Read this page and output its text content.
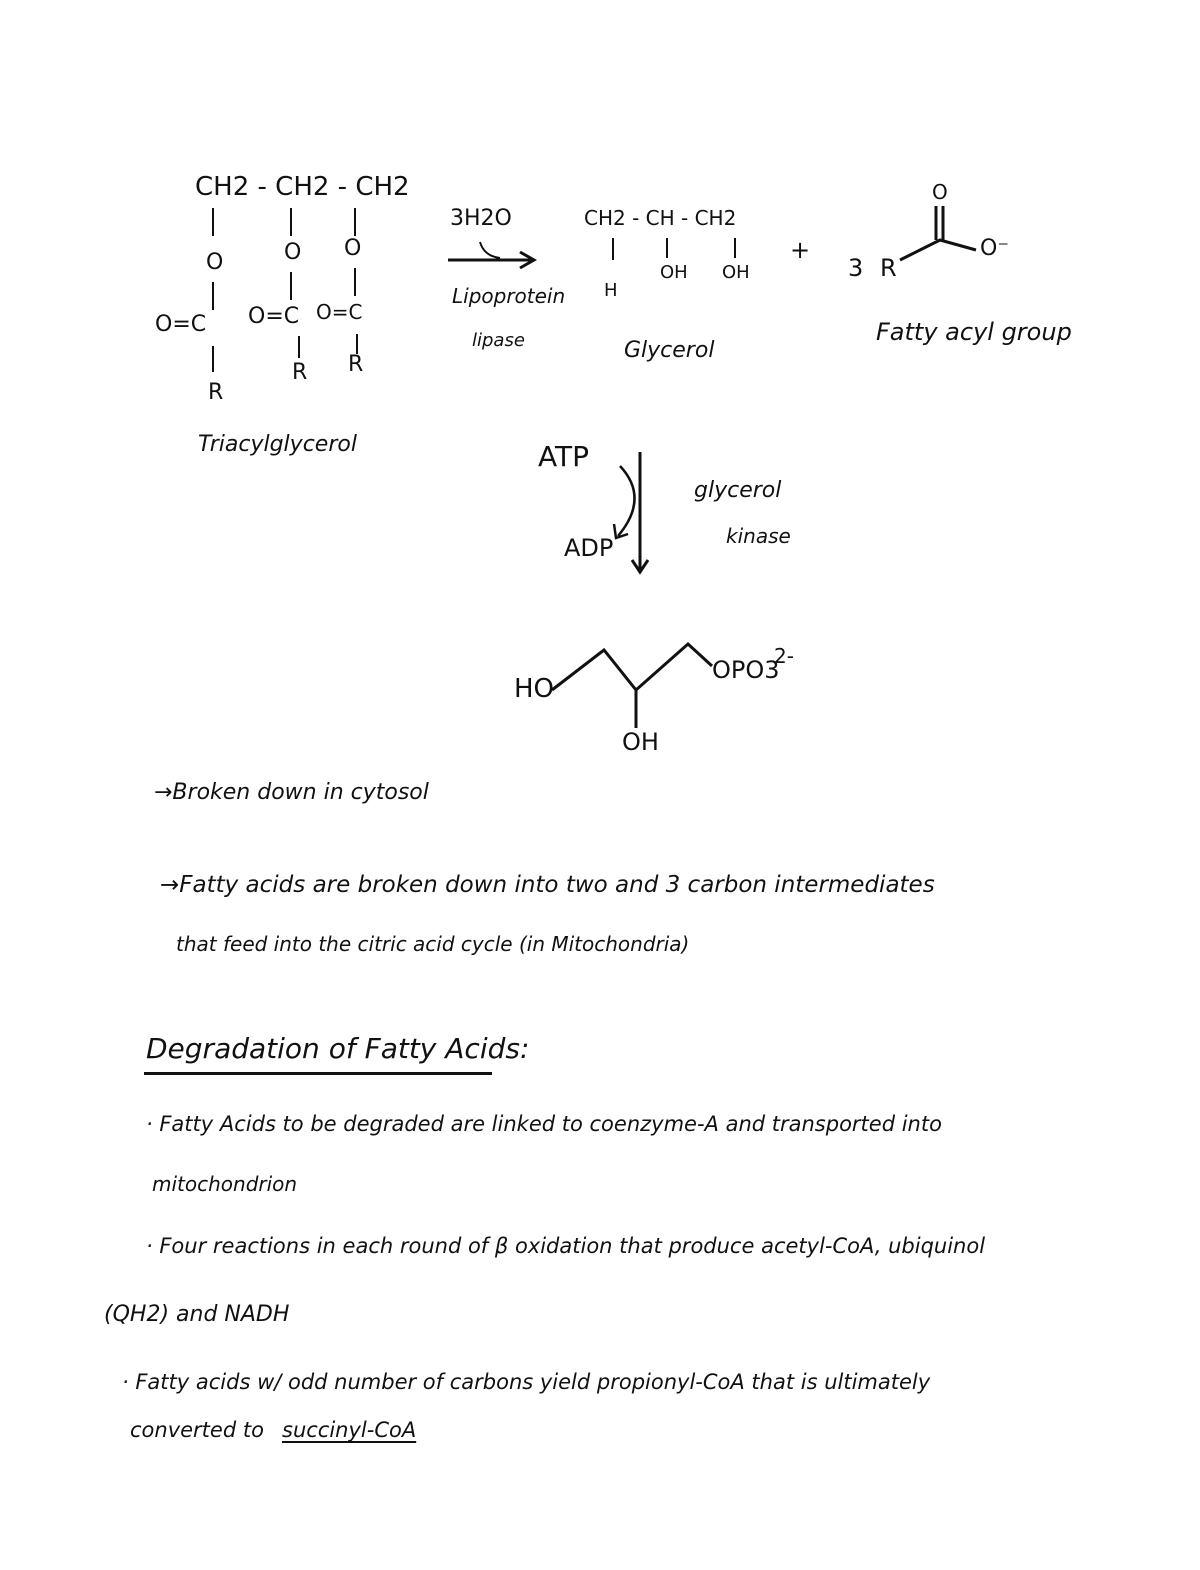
CH2 - CH2 - CH2
O	O O
O=C O=C O=C
R
R R
Triacylglycerol
3H2O
Lipoprotein
lipase
CH2 - CH - CH2
H
OH OH
Glycerol
+
3 R
O
O⁻
Fatty acyl group
ATP
ADP
glycerol
kinase
HO
OH
OPO3
2-
→Broken down in cytosol
→Fatty acids are broken down into two and 3 carbon intermediates
that feed into the citric acid cycle (in Mitochondria)
Degradation of Fatty Acids:
· Fatty Acids to be degraded are linked to coenzyme-A and transported into
mitochondrion
· Four reactions in each round of β oxidation that produce acetyl-CoA, ubiquinol
(QH2) and NADH
· Fatty acids w/ odd number of carbons yield propionyl-CoA that is ultimately
converted to succinyl-CoA
